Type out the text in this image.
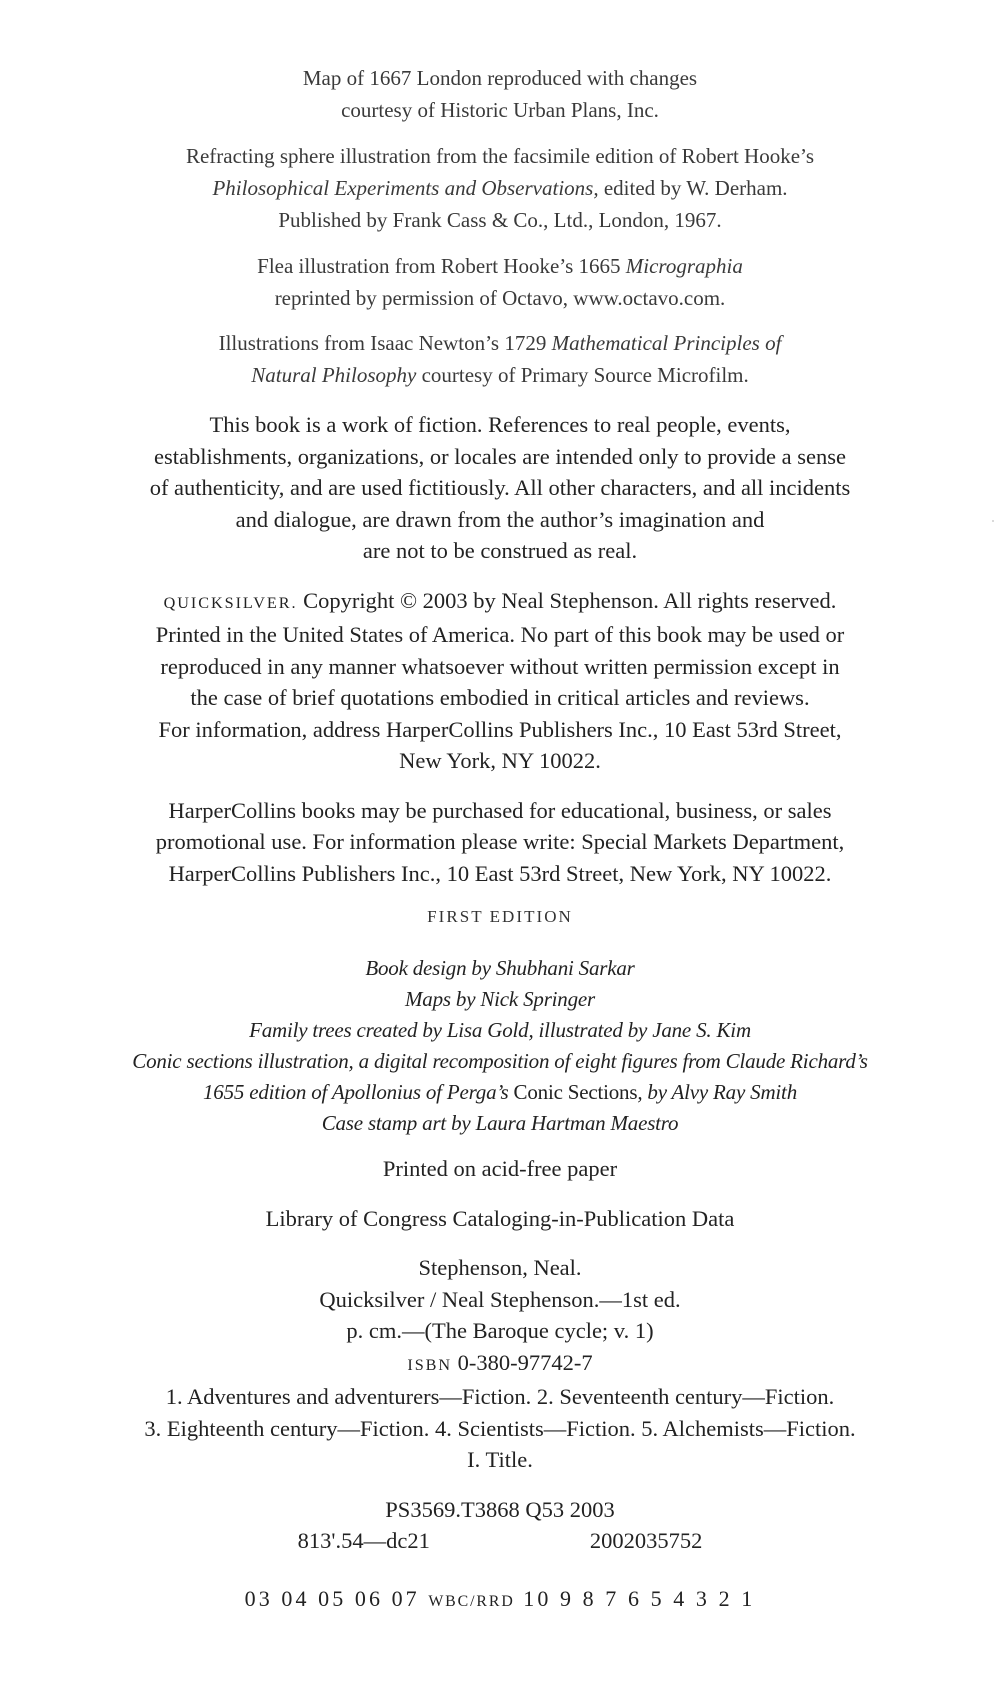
Map of 1667 London reproduced with changes
courtesy of Historic Urban Plans, Inc.
Refracting sphere illustration from the facsimile edition of Robert Hooke’s
Philosophical Experiments and Observations, edited by W. Derham.
Published by Frank Cass & Co., Ltd., London, 1967.
Flea illustration from Robert Hooke’s 1665 Micrographia
reprinted by permission of Octavo, www.octavo.com.
Illustrations from Isaac Newton’s 1729 Mathematical Principles of
Natural Philosophy courtesy of Primary Source Microfilm.
This book is a work of fiction. References to real people, events,
establishments, organizations, or locales are intended only to provide a sense
of authenticity, and are used fictitiously. All other characters, and all incidents
and dialogue, are drawn from the author’s imagination and
are not to be construed as real.
QUICKSILVER. Copyright © 2003 by Neal Stephenson. All rights reserved.
Printed in the United States of America. No part of this book may be used or
reproduced in any manner whatsoever without written permission except in
the case of brief quotations embodied in critical articles and reviews.
For information, address HarperCollins Publishers Inc., 10 East 53rd Street,
New York, NY 10022.
HarperCollins books may be purchased for educational, business, or sales
promotional use. For information please write: Special Markets Department,
HarperCollins Publishers Inc., 10 East 53rd Street, New York, NY 10022.
FIRST EDITION
Book design by Shubhani Sarkar
Maps by Nick Springer
Family trees created by Lisa Gold, illustrated by Jane S. Kim
Conic sections illustration, a digital recomposition of eight figures from Claude Richard’s
1655 edition of Apollonius of Perga’s Conic Sections, by Alvy Ray Smith
Case stamp art by Laura Hartman Maestro
Printed on acid-free paper
Library of Congress Cataloging-in-Publication Data
Stephenson, Neal.
Quicksilver / Neal Stephenson.—1st ed.
p. cm.—(The Baroque cycle; v. 1)
ISBN 0-380-97742-7
1. Adventures and adventurers—Fiction. 2. Seventeenth century—Fiction.
3. Eighteenth century—Fiction. 4. Scientists—Fiction. 5. Alchemists—Fiction.
I. Title.
PS3569.T3868 Q53 2003
813'.54—dc21	2002035752
03 04 05 06 07 WBC/RRD 10 9 8 7 6 5 4 3 2 1
